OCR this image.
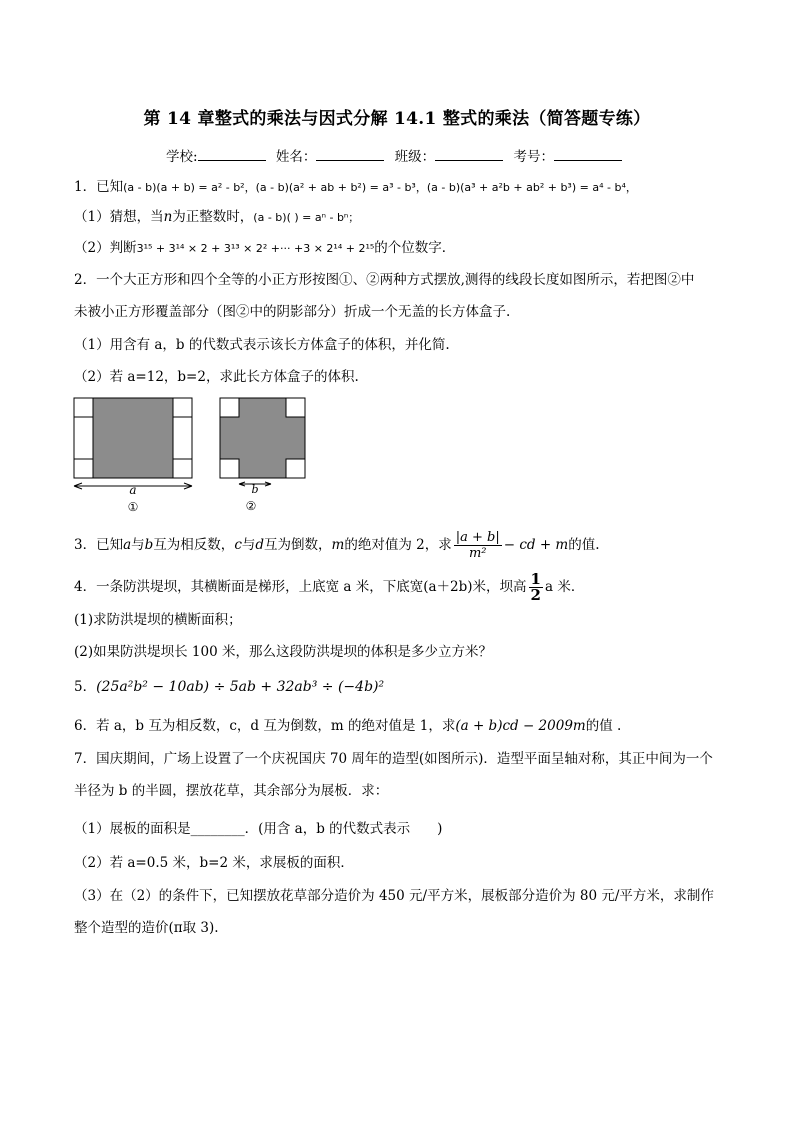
第 14 章整式的乘法与因式分解 14.1 整式的乘法（简答题专练）
学校:	姓名：	班级：	考号：
1．已知(a - b)(a + b) = a² - b²，(a - b)(a² + ab + b²) = a³ - b³，(a - b)(a³ + a²b + ab² + b³) = a⁴ - b⁴，
（1）猜想，当n为正整数时，(a - b)( ) = aⁿ - bⁿ；
（2）判断3¹⁵ + 3¹⁴ × 2 + 3¹³ × 2² +··· +3 × 2¹⁴ + 2¹⁵的个位数字．
2．一个大正方形和四个全等的小正方形按图①、②两种方式摆放,测得的线段长度如图所示，若把图②中
未被小正方形覆盖部分（图②中的阴影部分）折成一个无盖的长方体盒子.
（1）用含有 a，b 的代数式表示该长方体盒子的体积，并化简.
（2）若 a=12，b=2，求此长方体盒子的体积.
a
①
b
②
3．已知a与b互为相反数，c与d互为倒数，m的绝对值为 2，求 $\frac{|a + b|}{\text{m²}}$ − cd + m的值.
4．一条防洪堤坝，其横断面是梯形，上底宽 a 米，下底宽(a＋2b)米，坝高 $\frac{1}{2}$ a 米．
(1)求防洪堤坝的横断面积；
(2)如果防洪堤坝长 100 米，那么这段防洪堤坝的体积是多少立方米？
5．(25a²b² − 10ab) ÷ 5ab + 32ab³ ÷ (−4b)²
6．若 a，b 互为相反数，c，d 互为倒数，m 的绝对值是 1，求(a + b)cd − 2009m的值 .
7．国庆期间，广场上设置了一个庆祝国庆 70 周年的造型(如图所示)．造型平面呈轴对称，其正中间为一个
半径为 b 的半圆，摆放花草，其余部分为展板．求：
（1）展板的面积是________．(用含 a，b 的代数式表示　　)
（2）若 a=0.5 米，b=2 米，求展板的面积．
（3）在（2）的条件下，已知摆放花草部分造价为 450 元/平方米，展板部分造价为 80 元/平方米，求制作
整个造型的造价(π取 3).
